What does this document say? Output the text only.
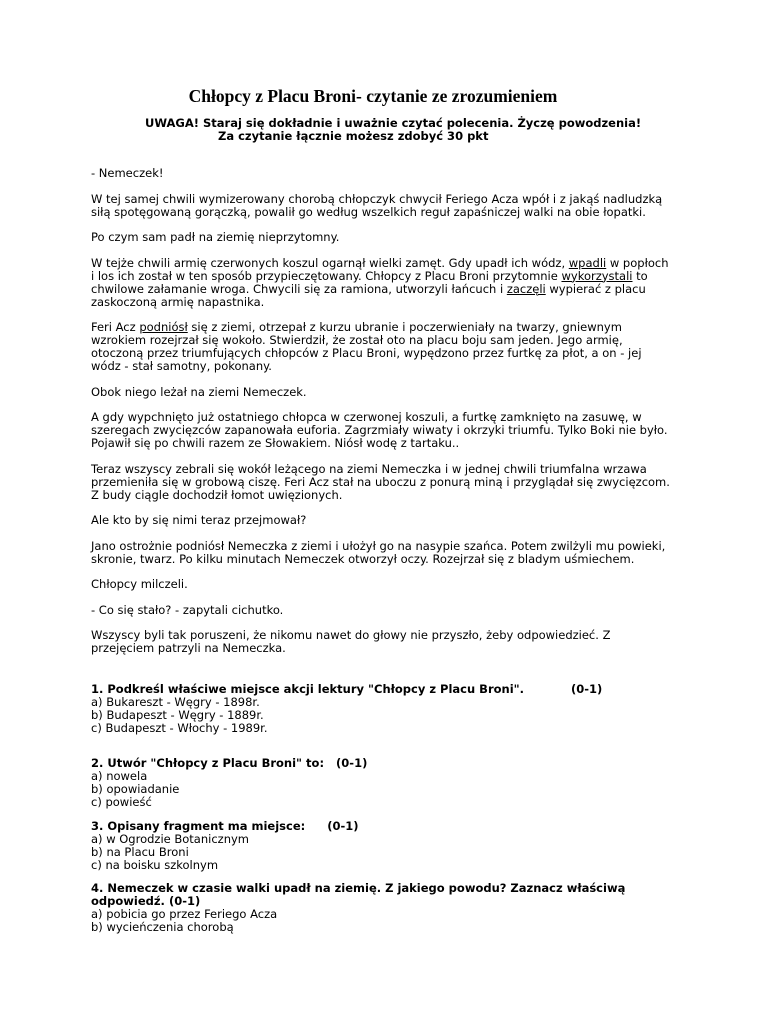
Chłopcy z Placu Broni- czytanie ze zrozumieniem
UWAGA! Staraj się dokładnie i uważnie czytać polecenia. Życzę powodzenia!
Za czytanie łącznie możesz zdobyć 30 pkt

- Nemeczek!

W tej samej chwili wymizerowany chorobą chłopczyk chwycił Feriego Acza wpół i z jakąś nadludzką siłą spotęgowaną gorączką, powalił go według wszelkich reguł zapaśniczej walki na obie łopatki.

Po czym sam padł na ziemię nieprzytomny.

W tejże chwili armię czerwonych koszul ogarnął wielki zamęt. Gdy upadł ich wódz, wpadli w popłoch i los ich został w ten sposób przypieczętowany. Chłopcy z Placu Broni przytomnie wykorzystali to chwilowe załamanie wroga. Chwycili się za ramiona, utworzyli łańcuch i zaczęli wypierać z placu zaskoczoną armię napastnika.

Feri Acz podniósł się z ziemi, otrzepał z kurzu ubranie i poczerwieniały na twarzy, gniewnym wzrokiem rozejrzał się wokoło. Stwierdził, że został oto na placu boju sam jeden. Jego armię, otoczoną przez triumfujących chłopców z Placu Broni, wypędzono przez furtkę za płot, a on - jej wódz - stał samotny, pokonany.

Obok niego leżał na ziemi Nemeczek.

A gdy wypchnięto już ostatniego chłopca w czerwonej koszuli, a furtkę zamknięto na zasuwę, w szeregach zwycięzców zapanowała euforia. Zagrzmiały wiwaty i okrzyki triumfu. Tylko Boki nie było. Pojawił się po chwili razem ze Słowakiem. Niósł wodę z tartaku..

Teraz wszyscy zebrali się wokół leżącego na ziemi Nemeczka i w jednej chwili triumfalna wrzawa przemieniła się w grobową ciszę. Feri Acz stał na uboczu z ponurą miną i przyglądał się zwycięzcom. Z budy ciągle dochodził łomot uwięzionych.

Ale kto by się nimi teraz przejmował?

Jano ostrożnie podniósł Nemeczka z ziemi i ułożył go na nasypie szańca. Potem zwilżyli mu powieki, skronie, twarz. Po kilku minutach Nemeczek otworzył oczy. Rozejrzał się z bladym uśmiechem.

Chłopcy milczeli.

- Co się stało? - zapytali cichutko.

Wszyscy byli tak poruszeni, że nikomu nawet do głowy nie przyszło, żeby odpowiedzieć. Z przejęciem patrzyli na Nemeczka.

1. Podkreśl właściwe miejsce akcji lektury "Chłopcy z Placu Broni".	(0-1)
a) Bukareszt - Węgry - 1898r.
b) Budapeszt - Węgry - 1889r.
c) Budapeszt - Włochy - 1989r.
2. Utwór "Chłopcy z Placu Broni" to: (0-1)
a) nowela
b) opowiadanie
c) powieść
3. Opisany fragment ma miejsce: (0-1)
a) w Ogrodzie Botanicznym
b) na Placu Broni
c) na boisku szkolnym
4. Nemeczek w czasie walki upadł na ziemię. Z jakiego powodu? Zaznacz właściwą odpowiedź. (0-1)
a) pobicia go przez Feriego Acza
b) wycieńczenia chorobą
